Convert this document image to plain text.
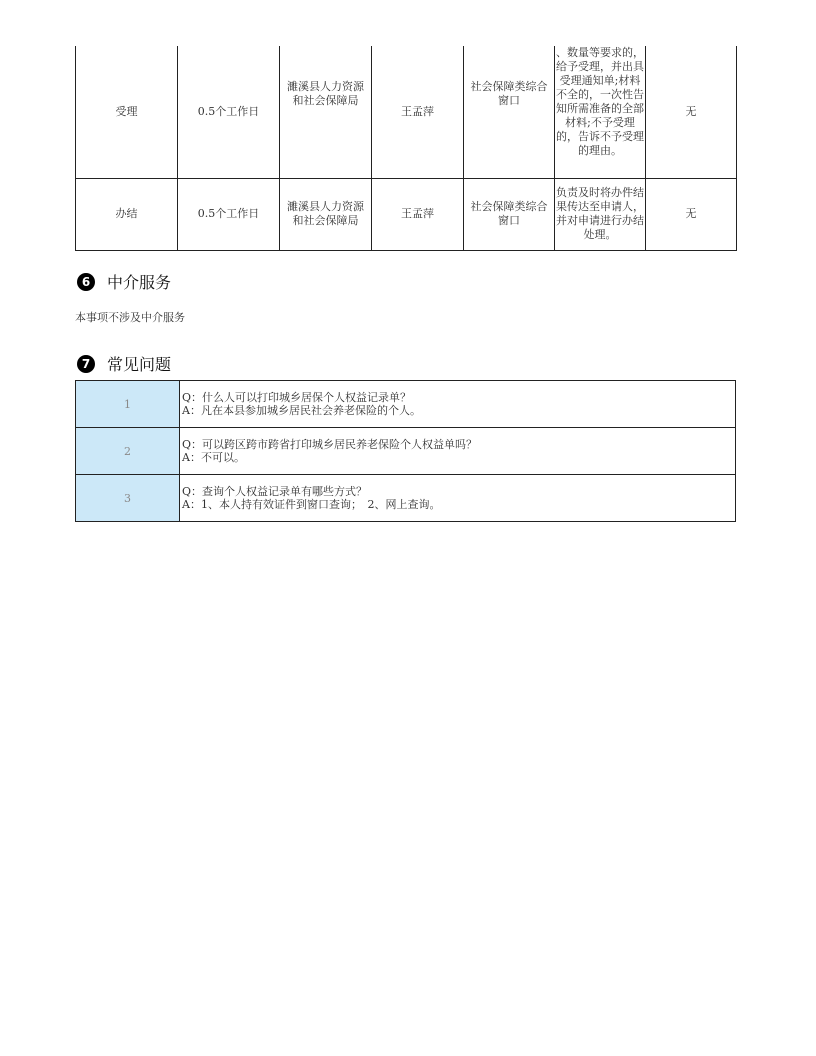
受理	0.5个工作日	濉溪县人力资源和社会保障局	王孟萍	社会保障类综合窗口	、数量等要求的，给予受理，并出具受理通知单;材料不全的，一次性告知所需准备的全部材料;不予受理的，告诉不予受理的理由。	无
办结	0.5个工作日	濉溪县人力资源和社会保障局	王孟萍	社会保障类综合窗口	负责及时将办件结果传达至申请人，并对申请进行办结处理。	无
6	中介服务
本事项不涉及中介服务
7	常见问题
1	Q：什么人可以打印城乡居保个人权益记录单？
A：凡在本县参加城乡居民社会养老保险的个人。

2	Q：可以跨区跨市跨省打印城乡居民养老保险个人权益单吗？
A：不可以。

3	Q：查询个人权益记录单有哪些方式？
A：1、本人持有效证件到窗口查询；　2、网上查询。
